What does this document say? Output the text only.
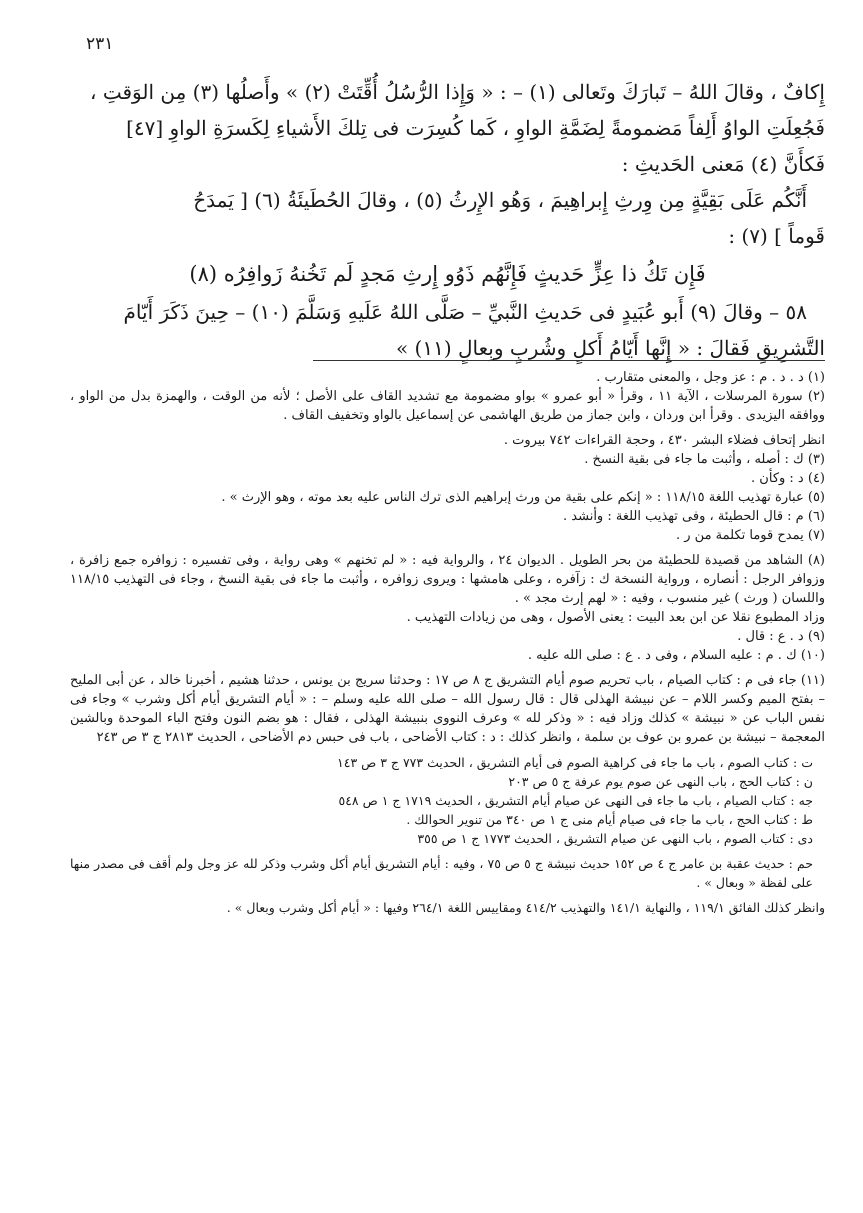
٢٣١

إِكافٌ ، وقالَ اللهُ – تَبارَكَ وتَعالى (١) – : « وَإِذا الرُّسُلُ أُقِّتَتْ (٢) » وأَصلُها (٣) مِن الوَقتِ ،

فَجُعِلَتِ الواوُ أَلِفاً مَضمومةً لِضَمَّةِ الواوِ ، كَما كُسِرَت فى تِلكَ الأَشياءِ لِكَسرَةِ الواوِ [٤٧]

فَكأَنَّ (٤) مَعنى الحَديثِ :

أَنَّكُم عَلَى بَقِيَّةٍ مِن وِرثِ إِبراهِيمَ ، وَهُو الإِرثُ (٥) ، وقالَ الحُطَيئَةُ (٦) [ يَمدَحُ

قَوماً ] (٧) :

فَإِن تَكُ ذا عِزٍّ حَديثٍ فَإِنَّهُم ذَوُو إِرثِ مَجدٍ لَم تَخُنهُ زَوافِرُه (٨)

٥٨ – وقالَ (٩) أَبو عُبَيدٍ فى حَديثِ النَّبيِّ – صَلَّى اللهُ عَلَيهِ وَسَلَّمَ (١٠) – حِينَ ذَكَرَ أَيّامَ

التَّشرِيقِ فَقالَ : « إِنَّها أَيّامُ أَكلٍ وشُربٍ وبِعالٍ (١١) »

(١) د . د . م : عز وجل ، والمعنى متقارب .

(٢) سورة المرسلات ، الآية ١١ ، وقرأ « أبو عمرو » بواو مضمومة مع تشديد القاف على الأصل ؛ لأنه من الوقت ، والهمزة بدل من الواو ، ووافقه اليزيدى . وقرأ ابن وردان ، وابن جماز من طريق الهاشمى عن إسماعيل بالواو وتخفيف القاف .

انظر إتحاف فضلاء البشر ٤٣٠ ، وحجة القراءات ٧٤٢ بيروت .

(٣) ك : أصله ، وأثبت ما جاء فى بقية النسخ .

(٤) د : وكأن .

(٥) عبارة تهذيب اللغة ١١٨/١٥ : « إنكم على بقية من ورث إبراهيم الذى ترك الناس عليه بعد موته ، وهو الإرث » .

(٦) م : قال الحطيئة ، وفى تهذيب اللغة : وأنشد .

(٧) يمدح قوما تكلمة من ر .

(٨) الشاهد من قصيدة للحطيئة من بحر الطويل . الديوان ٢٤ ، والرواية فيه : « لم تخنهم » وهى رواية ، وفى تفسيره : زوافره جمع زافرة ، وزوافر الرجل : أنصاره ، ورواية النسخة ك : زآفره ، وعلى هامشها : ويروى زوافره ، وأثبت ما جاء فى بقية النسخ ، وجاء فى التهذيب ١١٨/١٥ واللسان ( ورث ) غير منسوب ، وفيه : « لهم إرث مجد » .

وزاد المطبوع نقلا عن ابن بعد البيت : يعنى الأصول ، وهى من زيادات التهذيب .

(٩) د . ع : قال .

(١٠) ك . م : عليه السلام ، وفى د . ع : صلى الله عليه .

(١١) جاء فى م : كتاب الصيام ، باب تحريم صوم أيام التشريق ج ٨ ص ١٧ : وحدثنا سريج بن يونس ، حدثنا هشيم ، أخبرنا خالد ، عن أبى المليح – بفتح الميم وكسر اللام – عن نبيشة الهذلى قال : قال رسول الله – صلى الله عليه وسلم – : « أيام التشريق أيام أكل وشرب » وجاء فى نفس الباب عن « نبيشة » كذلك وزاد فيه : « وذكر لله » وعرف النووى بنبيشة الهذلى ، فقال : هو بضم النون وفتح الباء الموحدة وبالشين المعجمة – نبيشة بن عمرو بن عوف بن سلمة ، وانظر كذلك : د : كتاب الأضاحى ، باب فى حبس دم الأضاحى ، الحديث ٢٨١٣ ج ٣ ص ٢٤٣

ت : كتاب الصوم ، باب ما جاء فى كراهية الصوم فى أيام التشريق ، الحديث ٧٧٣ ج ٣ ص ١٤٣

ن : كتاب الحج ، باب النهى عن صوم يوم عرفة ج ٥ ص ٢٠٣

جه : كتاب الصيام ، باب ما جاء فى النهى عن صيام أيام التشريق ، الحديث ١٧١٩ ج ١ ص ٥٤٨

ط : كتاب الحج ، باب ما جاء فى صيام أيام منى ج ١ ص ٣٤٠ من تنوير الحوالك .

دى : كتاب الصوم ، باب النهى عن صيام التشريق ، الحديث ١٧٧٣ ج ١ ص ٣٥٥

حم : حديث عقبة بن عامر ج ٤ ص ١٥٢ حديث نبيشة ج ٥ ص ٧٥ ، وفيه : أيام التشريق أيام أكل وشرب وذكر لله عز وجل ولم أقف فى مصدر منها على لفظة « وبعال » .

وانظر كذلك الفائق ١١٩/١ ، والنهاية ١٤١/١ والتهذيب ٤١٤/٢ ومقاييس اللغة ٢٦٤/١ وفيها : « أيام أكل وشرب وبعال » .
